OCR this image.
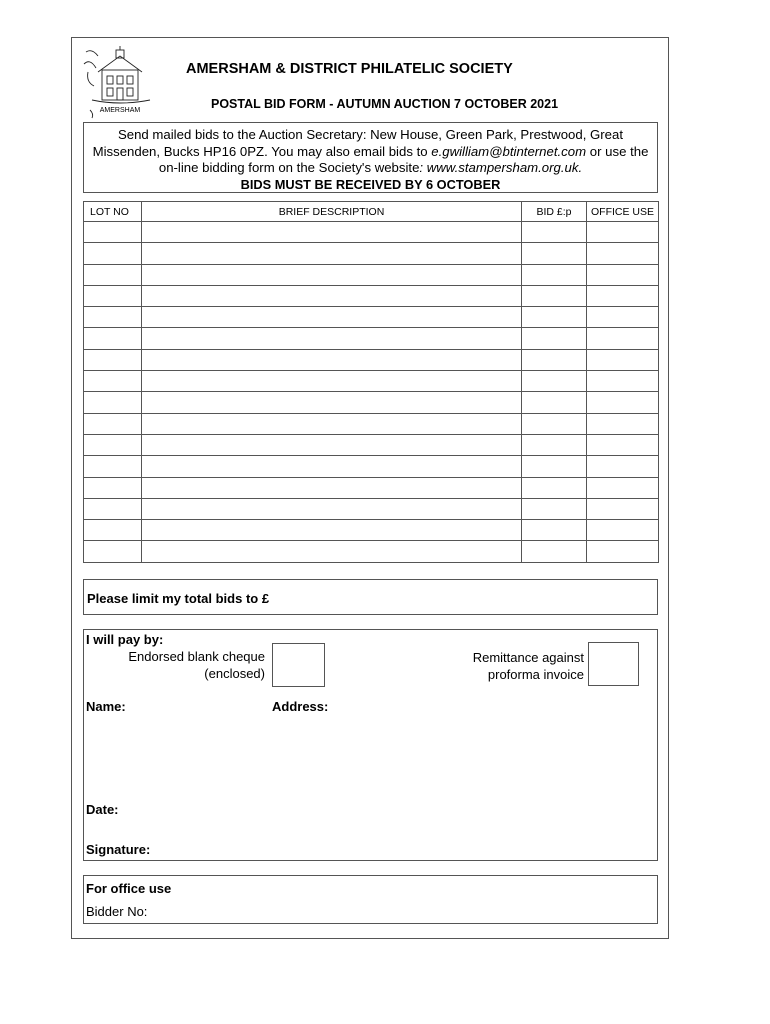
AMERSHAM
AMERSHAM & DISTRICT PHILATELIC SOCIETY
POSTAL BID FORM - AUTUMN AUCTION 7 OCTOBER 2021
Send mailed bids to the Auction Secretary: New House, Green Park, Prestwood, Great Missenden, Bucks HP16 0PZ. You may also email bids to e.gwilliam@btinternet.com or use the on-line bidding form on the Society's website: www.stampersham.org.uk.
BIDS MUST BE RECEIVED BY 6 OCTOBER
LOT NO	BRIEF DESCRIPTION	BID £:p	OFFICE USE

Please limit my total bids to £
I will pay by:
Endorsed blank cheque
(enclosed)
Remittance against
proforma invoice
Name:	Address:
Date:
Signature:
For office use
Bidder No:
